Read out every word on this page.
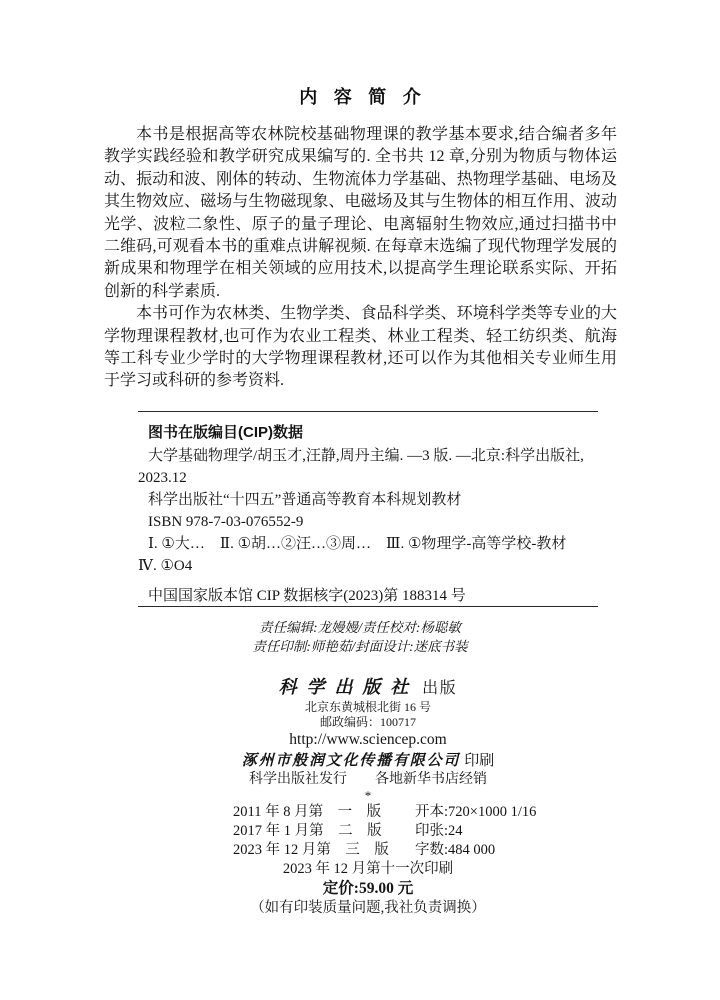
内 容 简 介

本书是根据高等农林院校基础物理课的教学基本要求,结合编者多年教学实践经验和教学研究成果编写的. 全书共 12 章,分别为物质与物体运动、振动和波、刚体的转动、生物流体力学基础、热物理学基础、电场及其生物效应、磁场与生物磁现象、电磁场及其与生物体的相互作用、波动光学、波粒二象性、原子的量子理论、电离辐射生物效应,通过扫描书中二维码,可观看本书的重难点讲解视频. 在每章末选编了现代物理学发展的新成果和物理学在相关领域的应用技术,以提高学生理论联系实际、开拓创新的科学素质.

本书可作为农林类、生物学类、食品科学类、环境科学类等专业的大学物理课程教材,也可作为农业工程类、林业工程类、轻工纺织类、航海等工科专业少学时的大学物理课程教材,还可以作为其他相关专业师生用于学习或科研的参考资料.

图书在版编目(CIP)数据
大学基础物理学/胡玉才,汪静,周丹主编. —3 版. —北京:科学出版社,
2023.12
科学出版社“十四五”普通高等教育本科规划教材
ISBN 978-7-03-076552-9
Ⅰ. ①大…　Ⅱ. ①胡…②汪…③周…　Ⅲ. ①物理学-高等学校-教材
Ⅳ. ①O4
中国国家版本馆 CIP 数据核字(2023)第 188314 号
责任编辑:龙嫚嫚/责任校对:杨聪敏
责任印制:师艳茹/封面设计:迷底书装
科学出版社 出版
北京东黄城根北街 16 号
邮政编码：100717
http://www.sciencep.com
涿州市般润文化传播有限公司 印刷
科学出版社发行　　各地新华书店经销
*
2011 年 8 月第　一　版	开本:720×1000 1/16
2017 年 1 月第　二　版	印张:24
2023 年 12 月第　三　版	字数:484 000
2023 年 12 月第十一次印刷
定价:59.00 元
（如有印装质量问题,我社负责调换）
